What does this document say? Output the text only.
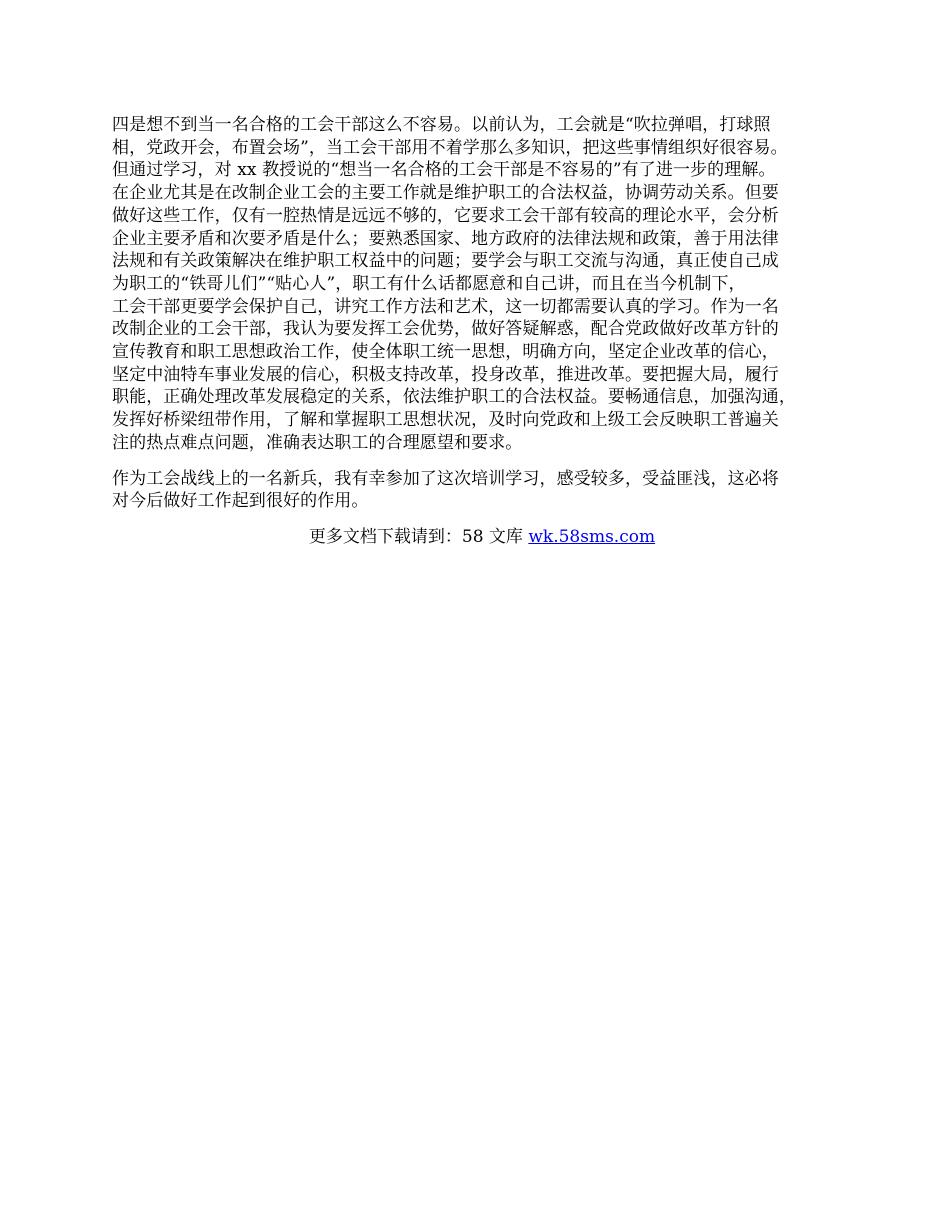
四是想不到当一名合格的工会干部这么不容易。以前认为，工会就是“吹拉弹唱，打球照
相，党政开会，布置会场”，当工会干部用不着学那么多知识，把这些事情组织好很容易。
但通过学习，对 xx 教授说的“想当一名合格的工会干部是不容易的”有了进一步的理解。
在企业尤其是在改制企业工会的主要工作就是维护职工的合法权益，协调劳动关系。但要
做好这些工作，仅有一腔热情是远远不够的，它要求工会干部有较高的理论水平，会分析
企业主要矛盾和次要矛盾是什么；要熟悉国家、地方政府的法律法规和政策，善于用法律
法规和有关政策解决在维护职工权益中的问题；要学会与职工交流与沟通，真正使自己成
为职工的“铁哥儿们”“贴心人”，职工有什么话都愿意和自己讲，而且在当今机制下，
工会干部更要学会保护自己，讲究工作方法和艺术，这一切都需要认真的学习。作为一名
改制企业的工会干部，我认为要发挥工会优势，做好答疑解惑，配合党政做好改革方针的
宣传教育和职工思想政治工作，使全体职工统一思想，明确方向，坚定企业改革的信心，
坚定中油特车事业发展的信心，积极支持改革，投身改革，推进改革。要把握大局，履行
职能，正确处理改革发展稳定的关系，依法维护职工的合法权益。要畅通信息，加强沟通，
发挥好桥梁纽带作用，了解和掌握职工思想状况，及时向党政和上级工会反映职工普遍关
注的热点难点问题，准确表达职工的合理愿望和要求。
作为工会战线上的一名新兵，我有幸参加了这次培训学习，感受较多，受益匪浅，这必将
对今后做好工作起到很好的作用。
更多文档下载请到：58 文库 wk.58sms.com
